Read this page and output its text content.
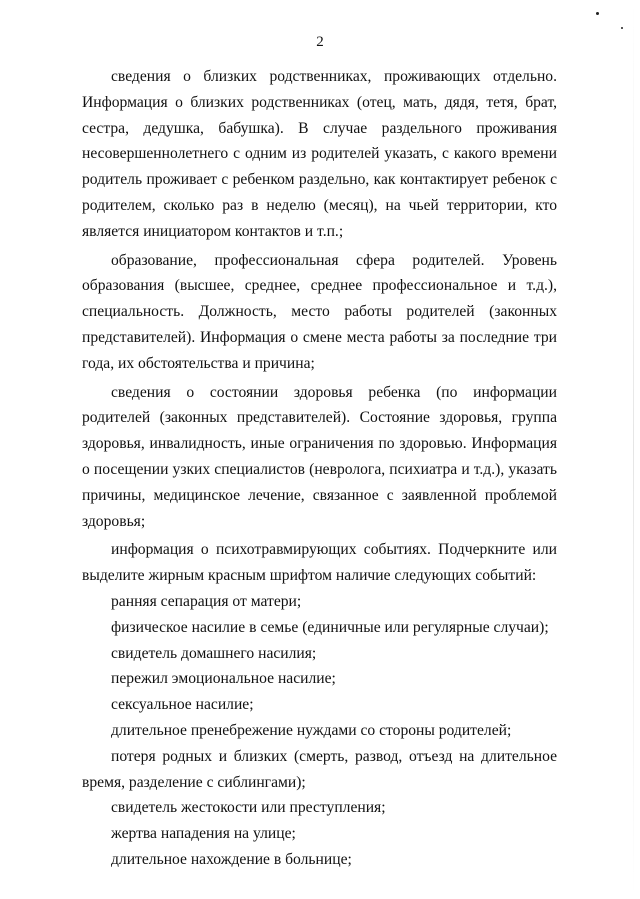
2

сведения о близких родственниках, проживающих отдельно. Информация о близких родственниках (отец, мать, дядя, тетя, брат, сестра, дедушка, бабушка). В случае раздельного проживания несовершеннолетнего с одним из родителей указать, с какого времени родитель проживает с ребенком раздельно, как контактирует ребенок с родителем, сколько раз в неделю (месяц), на чьей территории, кто является инициатором контактов и т.п.;

образование, профессиональная сфера родителей. Уровень образования (высшее, среднее, среднее профессиональное и т.д.), специальность. Должность, место работы родителей (законных представителей). Информация о смене места работы за последние три года, их обстоятельства и причина;

сведения о состоянии здоровья ребенка (по информации родителей (законных представителей). Состояние здоровья, группа здоровья, инвалидность, иные ограничения по здоровью. Информация о посещении узких специалистов (невролога, психиатра и т.д.), указать причины, медицинское лечение, связанное с заявленной проблемой здоровья;

информация о психотравмирующих событиях. Подчеркните или выделите жирным красным шрифтом наличие следующих событий:

ранняя сепарация от матери;

физическое насилие в семье (единичные или регулярные случаи);

свидетель домашнего насилия;

пережил эмоциональное насилие;

сексуальное насилие;

длительное пренебрежение нуждами со стороны родителей;

потеря родных и близких (смерть, развод, отъезд на длительное время, разделение с сиблингами);

свидетель жестокости или преступления;

жертва нападения на улице;

длительное нахождение в больнице;
